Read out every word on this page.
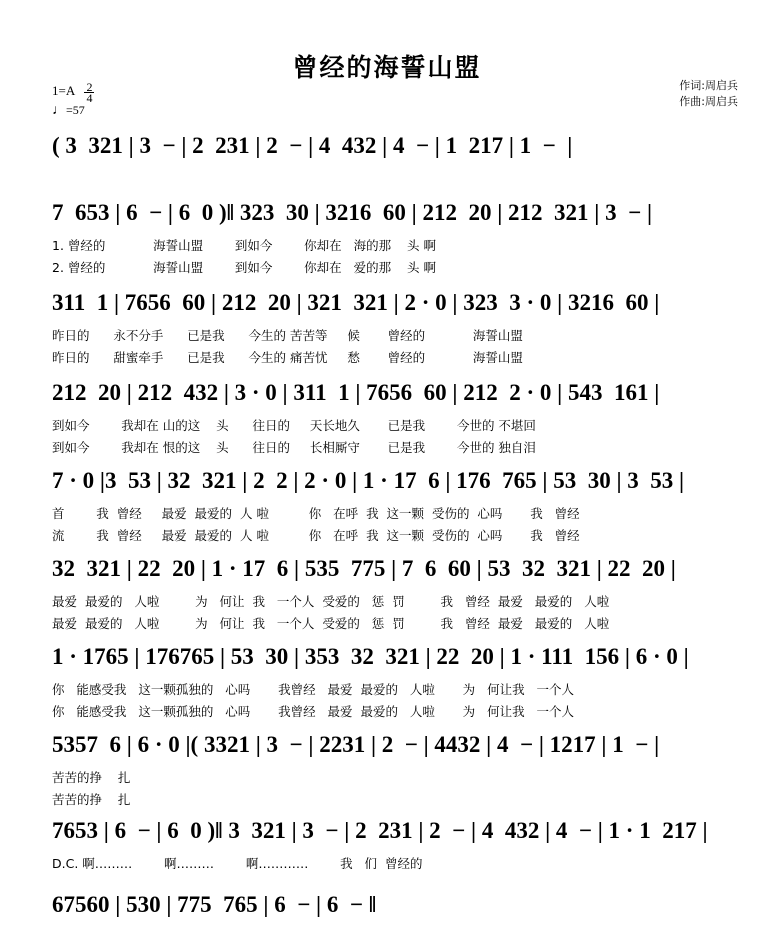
曾经的海誓山盟
作词:周启兵
作曲:周启兵
$1=A \frac{2}{4}$
♩=57
( 3  321 | 3  − | 2  231 | 2  − | 4  432 | 4  − | 1  217 | 1  −  |
7  653 | 6  − | 6  0 )‖ 323  30 | 3216  60 | 212  20 | 212  321 | 3  − |
1. 曾经的            海誓山盟        到如今        你却在   海的那    头 啊
2. 曾经的            海誓山盟        到如今        你却在   爱的那    头 啊
311  1 | 7656  60 | 212  20 | 321  321 | 2 · 0 | 323  3 · 0 | 3216  60 |
昨日的      永不分手      已是我      今生的 苦苦等     候       曾经的            海誓山盟
昨日的      甜蜜牵手      已是我      今生的 痛苦忧     愁       曾经的            海誓山盟
212  20 | 212  432 | 3 · 0 | 311  1 | 7656  60 | 212  2 · 0 | 543  161 |
到如今        我却在 山的这    头      往日的     天长地久       已是我        今世的 不堪回
到如今        我却在 恨的这    头      往日的     长相厮守       已是我        今世的 独自泪
7 · 0 |3  53 | 32  321 | 2  2 | 2 · 0 | 1 · 17  6 | 176  765 | 53  30 | 3  53 |
首        我  曾经     最爱  最爱的  人 啦          你   在呼  我  这一颗  受伤的  心吗       我   曾经
流        我  曾经     最爱  最爱的  人 啦          你   在呼  我  这一颗  受伤的  心吗       我   曾经
32  321 | 22  20 | 1 · 17  6 | 535  775 | 7  6  60 | 53  32  321 | 22  20 |
最爱  最爱的   人啦         为   何让  我   一个人  受爱的   惩  罚         我   曾经  最爱   最爱的   人啦
最爱  最爱的   人啦         为   何让  我   一个人  受爱的   惩  罚         我   曾经  最爱   最爱的   人啦
1 · 1765 | 176765 | 53  30 | 353  32  321 | 22  20 | 1 · 111  156 | 6 · 0 |
你   能感受我   这一颗孤独的   心吗       我曾经   最爱  最爱的   人啦       为   何让我   一个人
你   能感受我   这一颗孤独的   心吗       我曾经   最爱  最爱的   人啦       为   何让我   一个人
5357  6 | 6 · 0 |( 3321 | 3  − | 2231 | 2  − | 4432 | 4  − | 1217 | 1  − |
苦苦的挣    扎
苦苦的挣    扎
7653 | 6  − | 6  0 )‖ 3  321 | 3  − | 2  231 | 2  − | 4  432 | 4  − | 1 · 1  217 |
D.C. 啊………        啊………        啊…………        我   们  曾经的
67560 | 530 | 775  765 | 6  − | 6  − ‖
